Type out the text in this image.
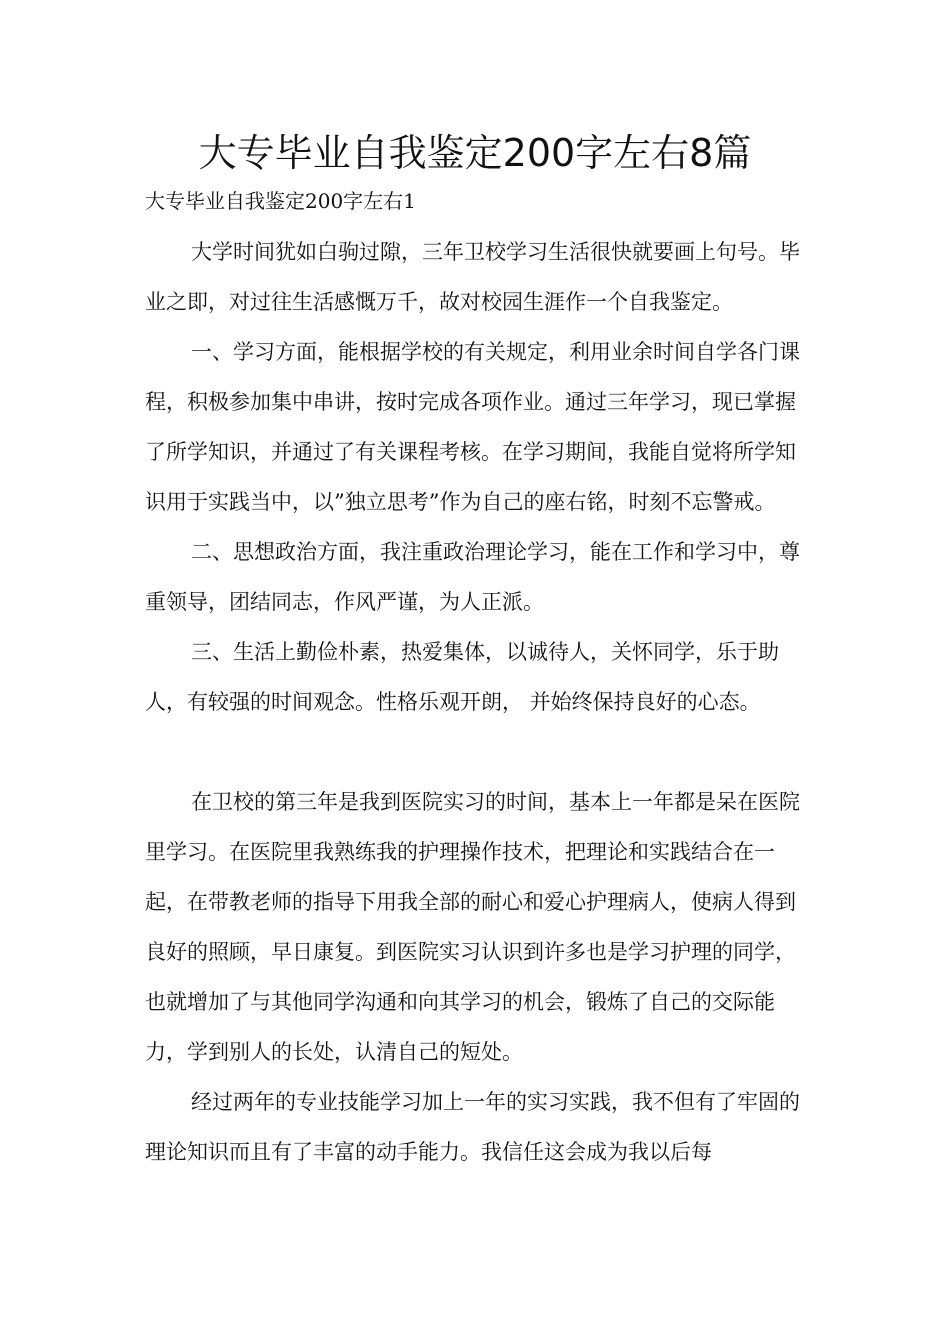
大专毕业自我鉴定200字左右8篇
大专毕业自我鉴定200字左右1

大学时间犹如白驹过隙，三年卫校学习生活很快就要画上句号。毕业之即，对过往生活感慨万千，故对校园生涯作一个自我鉴定。

一、学习方面，能根据学校的有关规定，利用业余时间自学各门课程，积极参加集中串讲，按时完成各项作业。通过三年学习，现已掌握了所学知识，并通过了有关课程考核。在学习期间，我能自觉将所学知识用于实践当中，以”独立思考”作为自己的座右铭，时刻不忘警戒。

二、思想政治方面，我注重政治理论学习，能在工作和学习中，尊重领导，团结同志，作风严谨，为人正派。

三、生活上勤俭朴素，热爱集体，以诚待人，关怀同学，乐于助人，有较强的时间观念。性格乐观开朗， 并始终保持良好的心态。

在卫校的第三年是我到医院实习的时间，基本上一年都是呆在医院里学习。在医院里我熟练我的护理操作技术，把理论和实践结合在一起，在带教老师的指导下用我全部的耐心和爱心护理病人，使病人得到良好的照顾，早日康复。到医院实习认识到许多也是学习护理的同学，也就增加了与其他同学沟通和向其学习的机会，锻炼了自己的交际能力，学到别人的长处，认清自己的短处。

经过两年的专业技能学习加上一年的实习实践，我不但有了牢固的理论知识而且有了丰富的动手能力。我信任这会成为我以后每
